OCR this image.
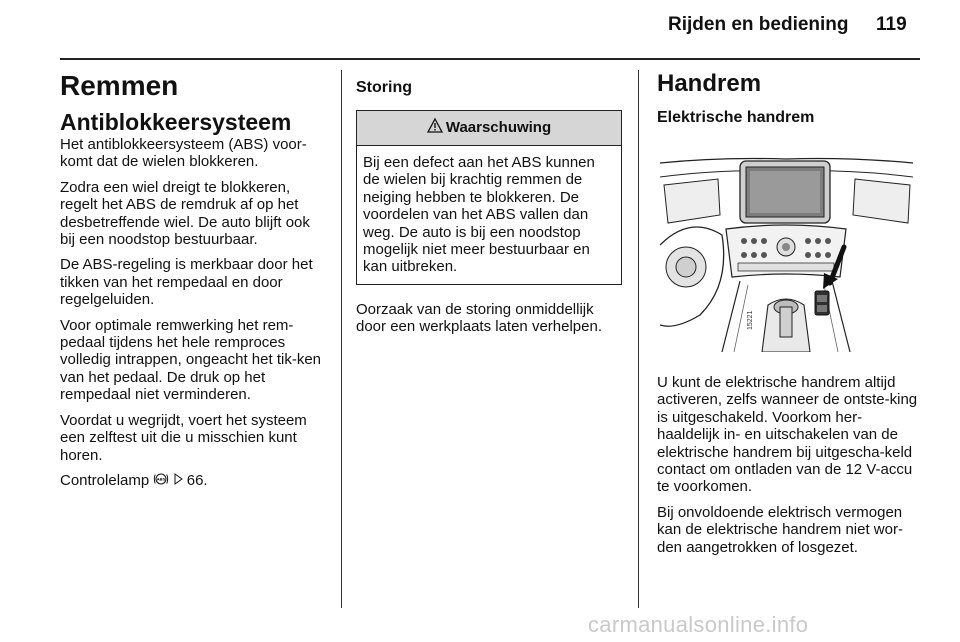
Rijden en bediening 119
Remmen
Antiblokkeersysteem

Het antiblokkeersysteem (ABS) voor-komt dat de wielen blokkeren.

Zodra een wiel dreigt te blokkeren, regelt het ABS de remdruk af op het desbetreffende wiel. De auto blijft ook bij een noodstop bestuurbaar.

De ABS-regeling is merkbaar door het tikken van het rempedaal en door regelgeluiden.

Voor optimale remwerking het rem-pedaal tijdens het hele remproces volledig intrappen, ongeacht het tik-ken van het pedaal. De druk op het rempedaal niet verminderen.

Voordat u wegrijdt, voert het systeem een zelftest uit die u misschien kunt horen.

Controlelamp ABS 66.

Storing
Waarschuwing
Bij een defect aan het ABS kunnen de wielen bij krachtig remmen de neiging hebben te blokkeren. De voordelen van het ABS vallen dan weg. De auto is bij een noodstop mogelijk niet meer bestuurbaar en kan uitbreken.

Oorzaak van de storing onmiddellijk door een werkplaats laten verhelpen.

Handrem
Elektrische handrem
15221

U kunt de elektrische handrem altijd activeren, zelfs wanneer de ontste-king is uitgeschakeld. Voorkom her-haaldelijk in- en uitschakelen van de elektrische handrem bij uitgescha-keld contact om ontladen van de 12 V-accu te voorkomen.

Bij onvoldoende elektrisch vermogen kan de elektrische handrem niet wor-den aangetrokken of losgezet.

carmanualsonline.info
